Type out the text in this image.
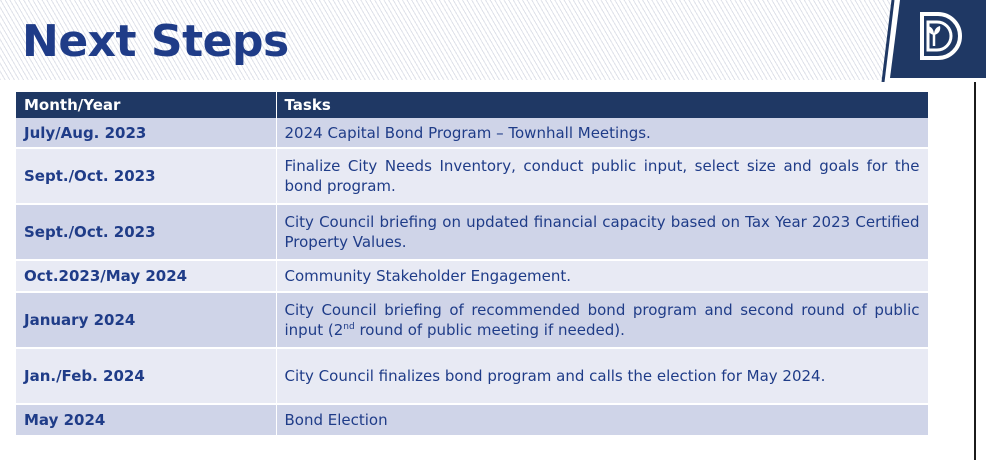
Next Steps
Month/Year	Tasks
July/Aug. 2023	2024 Capital Bond Program – Townhall Meetings.
Sept./Oct. 2023	Finalize City Needs Inventory, conduct public input, select size and goals for the bond program.
Sept./Oct. 2023	City Council briefing on updated financial capacity based on Tax Year 2023 Certified Property Values.
Oct.2023/May 2024	Community Stakeholder Engagement.
January 2024	City Council briefing of recommended bond program and second round of public input (2nd round of public meeting if needed).
Jan./Feb. 2024	City Council finalizes bond program and calls the election for May 2024.
May 2024	Bond Election
